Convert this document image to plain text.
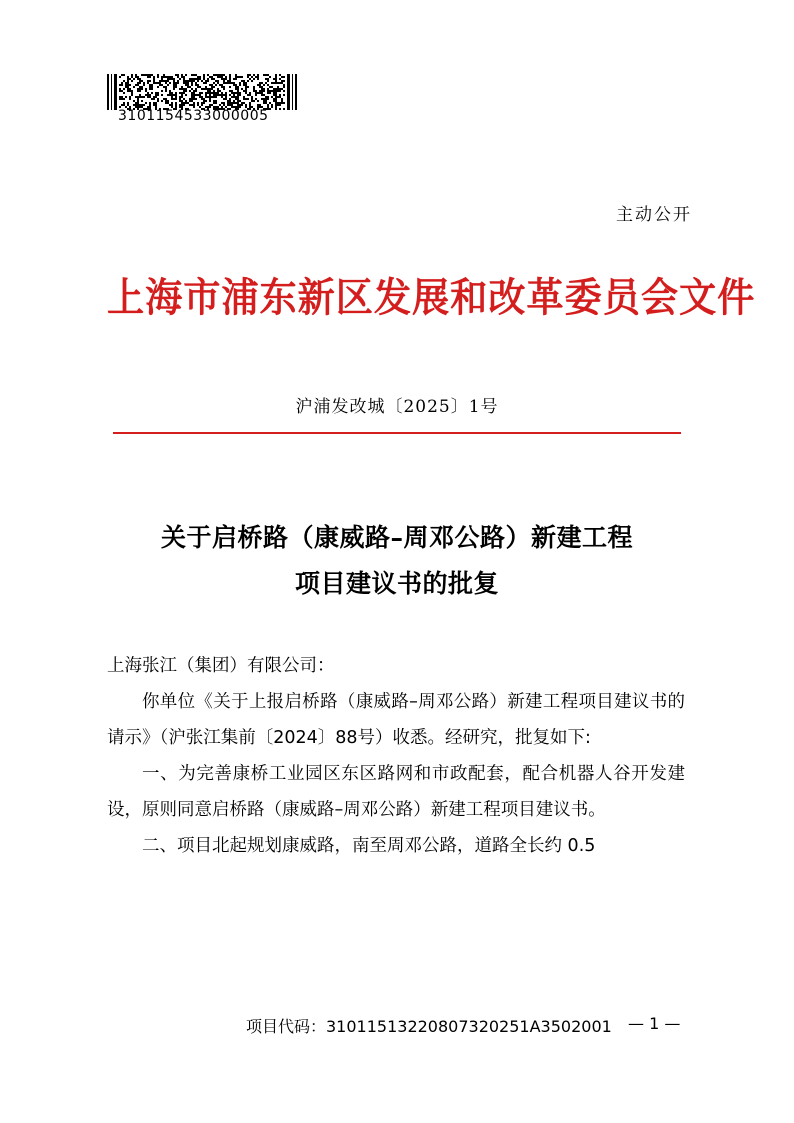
3101154533000005
主动公开
上海市浦东新区发展和改革委员会文件
沪浦发改城〔2025〕1号
关于启桥路（康威路–周邓公路）新建工程
项目建议书的批复

上海张江（集团）有限公司：

你单位《关于上报启桥路（康威路–周邓公路）新建工程项目建议书的请示》（沪张江集前〔2024〕88号）收悉。经研究，批复如下:

一、为完善康桥工业园区东区路网和市政配套，配合机器人谷开发建设，原则同意启桥路（康威路–周邓公路）新建工程项目建议书。

二、项目北起规划康威路，南至周邓公路，道路全长约 0.5

项目代码：31011513220807320251A3502001 — 1 —
